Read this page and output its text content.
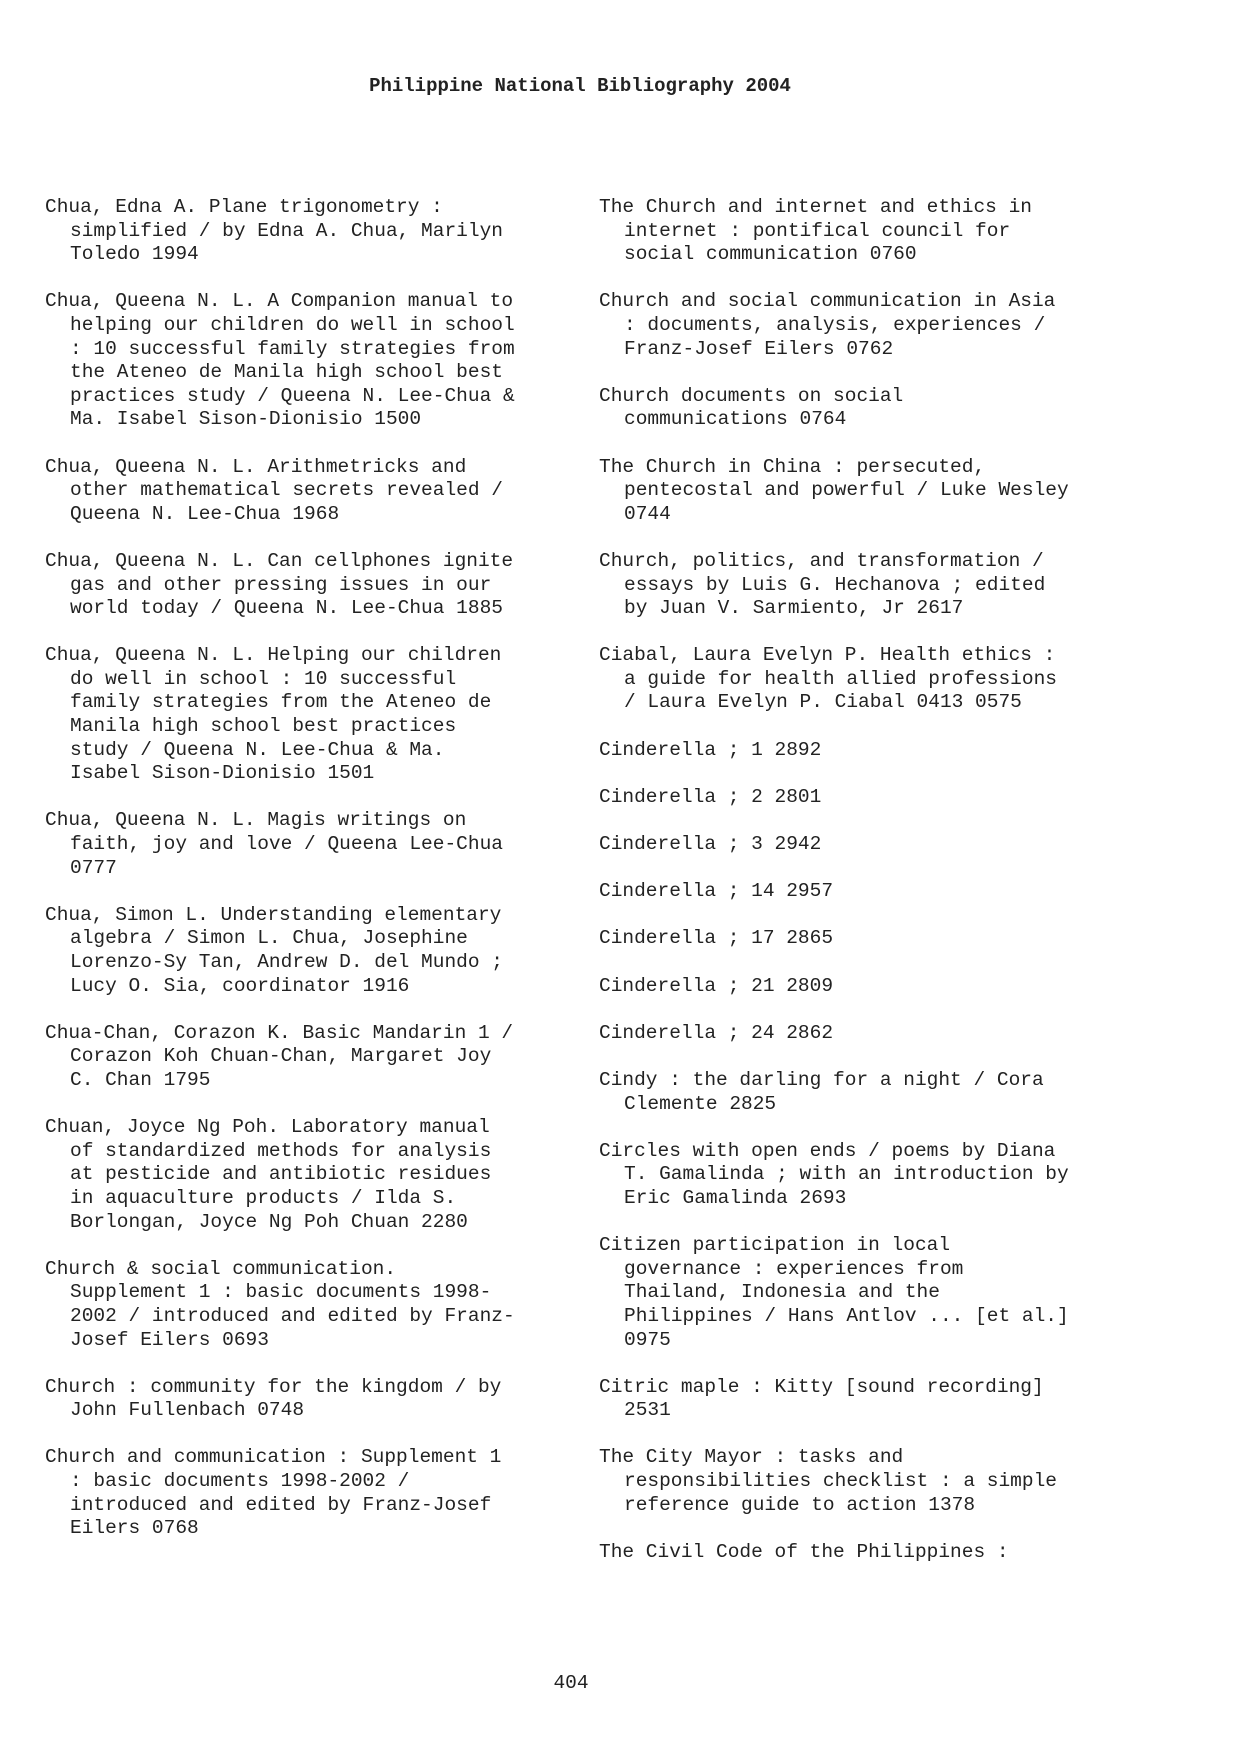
Philippine National Bibliography 2004
Chua, Edna A. Plane trigonometry :
simplified / by Edna A. Chua, Marilyn
Toledo 1994
Chua, Queena N. L. A Companion manual to
helping our children do well in school
: 10 successful family strategies from
the Ateneo de Manila high school best
practices study / Queena N. Lee-Chua &
Ma. Isabel Sison-Dionisio 1500
Chua, Queena N. L. Arithmetricks and
other mathematical secrets revealed /
Queena N. Lee-Chua 1968
Chua, Queena N. L. Can cellphones ignite
gas and other pressing issues in our
world today / Queena N. Lee-Chua 1885
Chua, Queena N. L. Helping our children
do well in school : 10 successful
family strategies from the Ateneo de
Manila high school best practices
study / Queena N. Lee-Chua & Ma.
Isabel Sison-Dionisio 1501
Chua, Queena N. L. Magis writings on
faith, joy and love / Queena Lee-Chua
0777
Chua, Simon L. Understanding elementary
algebra / Simon L. Chua, Josephine
Lorenzo-Sy Tan, Andrew D. del Mundo ;
Lucy O. Sia, coordinator 1916
Chua-Chan, Corazon K. Basic Mandarin 1 /
Corazon Koh Chuan-Chan, Margaret Joy
C. Chan 1795
Chuan, Joyce Ng Poh. Laboratory manual
of standardized methods for analysis
at pesticide and antibiotic residues
in aquaculture products / Ilda S.
Borlongan, Joyce Ng Poh Chuan 2280
Church & social communication.
Supplement 1 : basic documents 1998-
2002 / introduced and edited by Franz-
Josef Eilers 0693
Church : community for the kingdom / by
John Fullenbach 0748
Church and communication : Supplement 1
: basic documents 1998-2002 /
introduced and edited by Franz-Josef
Eilers 0768
The Church and internet and ethics in
internet : pontifical council for
social communication 0760
Church and social communication in Asia
: documents, analysis, experiences /
Franz-Josef Eilers 0762
Church documents on social
communications 0764
The Church in China : persecuted,
pentecostal and powerful / Luke Wesley
0744
Church, politics, and transformation /
essays by Luis G. Hechanova ; edited
by Juan V. Sarmiento, Jr 2617
Ciabal, Laura Evelyn P. Health ethics :
a guide for health allied professions
/ Laura Evelyn P. Ciabal 0413 0575
Cinderella ; 1 2892
Cinderella ; 2 2801
Cinderella ; 3 2942
Cinderella ; 14 2957
Cinderella ; 17 2865
Cinderella ; 21 2809
Cinderella ; 24 2862
Cindy : the darling for a night / Cora
Clemente 2825
Circles with open ends / poems by Diana
T. Gamalinda ; with an introduction by
Eric Gamalinda 2693
Citizen participation in local
governance : experiences from
Thailand, Indonesia and the
Philippines / Hans Antlov ... [et al.]
0975
Citric maple : Kitty [sound recording]
2531
The City Mayor : tasks and
responsibilities checklist : a simple
reference guide to action 1378
The Civil Code of the Philippines :
404
